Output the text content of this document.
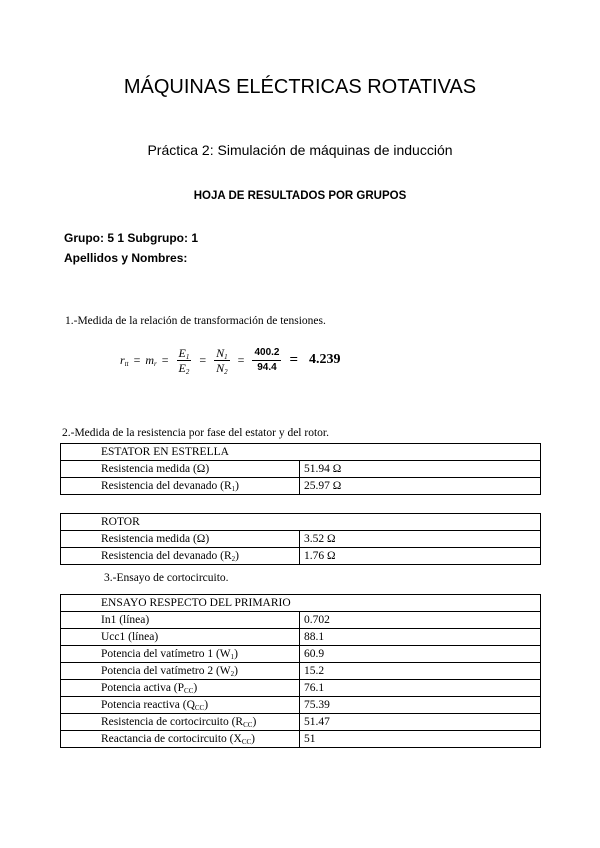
MÁQUINAS ELÉCTRICAS ROTATIVAS
Práctica 2: Simulación de máquinas de inducción
HOJA DE RESULTADOS POR GRUPOS
Grupo: 5 1 Subgrupo: 1
Apellidos y Nombres:
1.-Medida de la relación de transformación de tensiones.
$r_{tt} = m_r = \frac{E_1}{E_2} = \frac{N_1}{N_2} = \frac{400.2}{94.4} = 4.239$
2.-Medida de la resistencia por fase del estator y del rotor.
ESTATOR EN ESTRELLA	
Resistencia medida (Ω)	51.94 Ω
Resistencia del devanado $(R_1)$	25.97 Ω
ROTOR	
Resistencia medida (Ω)	3.52 Ω
Resistencia del devanado $(R_2)$	1.76 Ω
3.-Ensayo de cortocircuito.
ENSAYO RESPECTO DEL PRIMARIO	
In1 (línea)	0.702
Ucc1 (línea)	88.1
Potencia del vatímetro 1 $(W_1)$	60.9
Potencia del vatímetro 2 $(W_2)$	15.2
Potencia activa $(P_{CC})$	76.1
Potencia reactiva $(Q_{CC})$	75.39
Resistencia de cortocircuito $(R_{CC})$	51.47
Reactancia de cortocircuito $(X_{CC})$	51
